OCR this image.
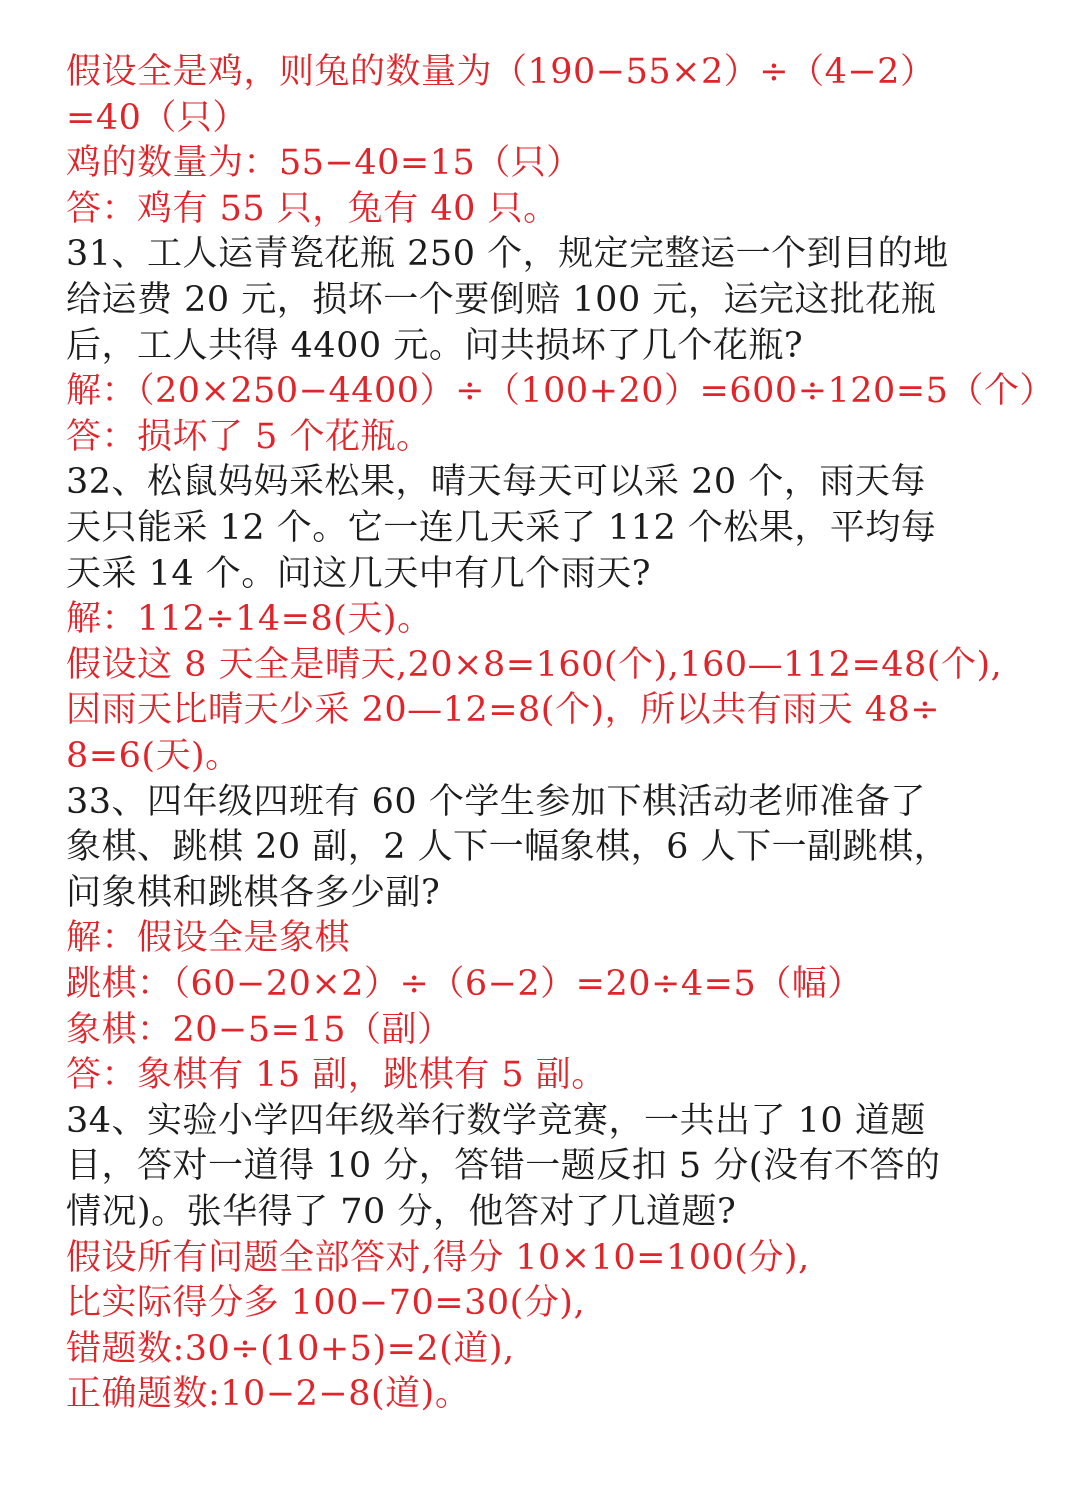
假设全是鸡，则兔的数量为（190−55×2）÷（4−2）
=40（只）
鸡的数量为：55−40=15（只）
答：鸡有 55 只，兔有 40 只。
31、工人运青瓷花瓶 250 个，规定完整运一个到目的地
给运费 20 元，损坏一个要倒赔 100 元，运完这批花瓶
后，工人共得 4400 元。问共损坏了几个花瓶?
解：（20×250−4400）÷（100+20）=600÷120=5（个）
答：损坏了 5 个花瓶。
32、松鼠妈妈采松果，晴天每天可以采 20 个，雨天每
天只能采 12 个。它一连几天采了 112 个松果，平均每
天采 14 个。问这几天中有几个雨天?
解：112÷14=8(天)。
假设这 8 天全是晴天,20×8=160(个),160—112=48(个),
因雨天比晴天少采 20—12=8(个)，所以共有雨天 48÷
8=6(天)。
33、四年级四班有 60 个学生参加下棋活动老师准备了
象棋、跳棋 20 副，2 人下一幅象棋，6 人下一副跳棋，
问象棋和跳棋各多少副?
解：假设全是象棋
跳棋：（60−20×2）÷（6−2）=20÷4=5（幅）
象棋：20−5=15（副）
答：象棋有 15 副，跳棋有 5 副。
34、实验小学四年级举行数学竞赛，一共出了 10 道题
目，答对一道得 10 分，答错一题反扣 5 分(没有不答的
情况)。张华得了 70 分，他答对了几道题?
假设所有问题全部答对,得分 10×10=100(分),
比实际得分多 100−70=30(分),
错题数:30÷(10+5)=2(道),
正确题数:10−2−8(道)。
